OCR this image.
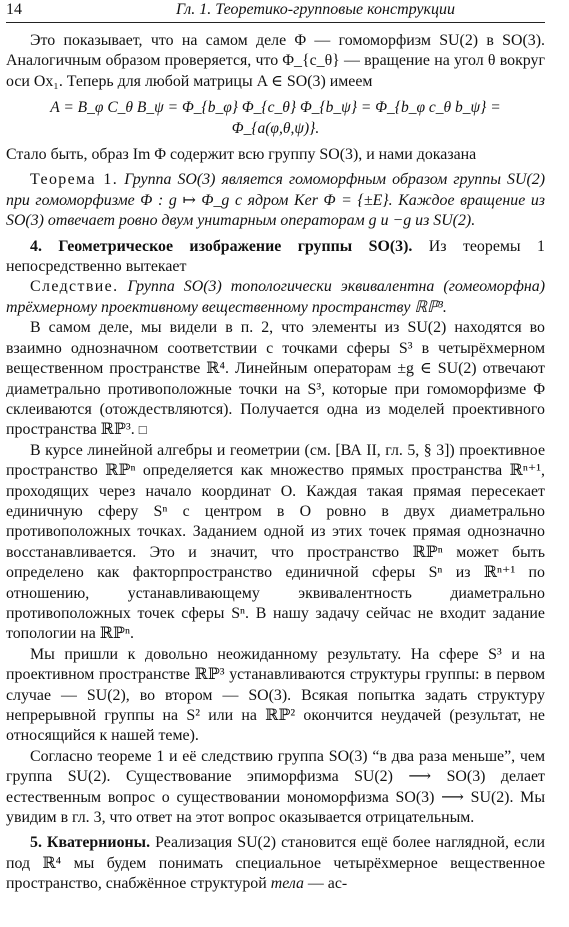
14	Гл. 1. Теоретико-групповые конструкции

Это показывает, что на самом деле Φ — гомоморфизм SU(2) в SO(3). Аналогичным образом проверяется, что Φ_{c_θ} — вращение на угол θ вокруг оси Ox₁. Теперь для любой матрицы A ∈ SO(3) имеем

A = B_φ C_θ B_ψ = Φ_{b_φ} Φ_{c_θ} Φ_{b_ψ} = Φ_{b_φ c_θ b_ψ} = Φ_{a(φ,θ,ψ)}.

Стало быть, образ Im Φ содержит всю группу SO(3), и нами доказана

Теорема 1. Группа SO(3) является гомоморфным образом группы SU(2) при гомоморфизме Φ : g ↦ Φ_g с ядром Ker Φ = {±E}. Каждое вращение из SO(3) отвечает ровно двум унитарным операторам g и −g из SU(2).

4. Геометрическое изображение группы SO(3). Из теоремы 1 непосредственно вытекает

Следствие. Группа SO(3) топологически эквивалентна (гомеоморфна) трёхмерному проективному вещественному пространству ℝℙ³.

В самом деле, мы видели в п. 2, что элементы из SU(2) находятся во взаимно однозначном соответствии с точками сферы S³ в четырёхмерном вещественном пространстве ℝ⁴. Линейным операторам ±g ∈ SU(2) отвечают диаметрально противоположные точки на S³, которые при гомоморфизме Φ склеиваются (отождествляются). Получается одна из моделей проективного пространства ℝℙ³. □

В курсе линейной алгебры и геометрии (см. [ВА II, гл. 5, § 3]) проективное пространство ℝℙⁿ определяется как множество прямых пространства ℝⁿ⁺¹, проходящих через начало координат O. Каждая такая прямая пересекает единичную сферу Sⁿ с центром в O ровно в двух диаметрально противоположных точках. Заданием одной из этих точек прямая однозначно восстанавливается. Это и значит, что пространство ℝℙⁿ может быть определено как факторпространство единичной сферы Sⁿ из ℝⁿ⁺¹ по отношению, устанавливающему эквивалентность диаметрально противоположных точек сферы Sⁿ. В нашу задачу сейчас не входит задание топологии на ℝℙⁿ.

Мы пришли к довольно неожиданному результату. На сфере S³ и на проективном пространстве ℝℙ³ устанавливаются структуры группы: в первом случае — SU(2), во втором — SO(3). Всякая попытка задать структуру непрерывной группы на S² или на ℝℙ² окончится неудачей (результат, не относящийся к нашей теме).

Согласно теореме 1 и её следствию группа SO(3) “в два раза меньше”, чем группа SU(2). Существование эпиморфизма SU(2) ⟶ SO(3) делает естественным вопрос о существовании мономорфизма SO(3) ⟶ SU(2). Мы увидим в гл. 3, что ответ на этот вопрос оказывается отрицательным.

5. Кватернионы. Реализация SU(2) становится ещё более наглядной, если под ℝ⁴ мы будем понимать специальное четырёхмерное вещественное пространство, снабжённое структурой тела — ас-
